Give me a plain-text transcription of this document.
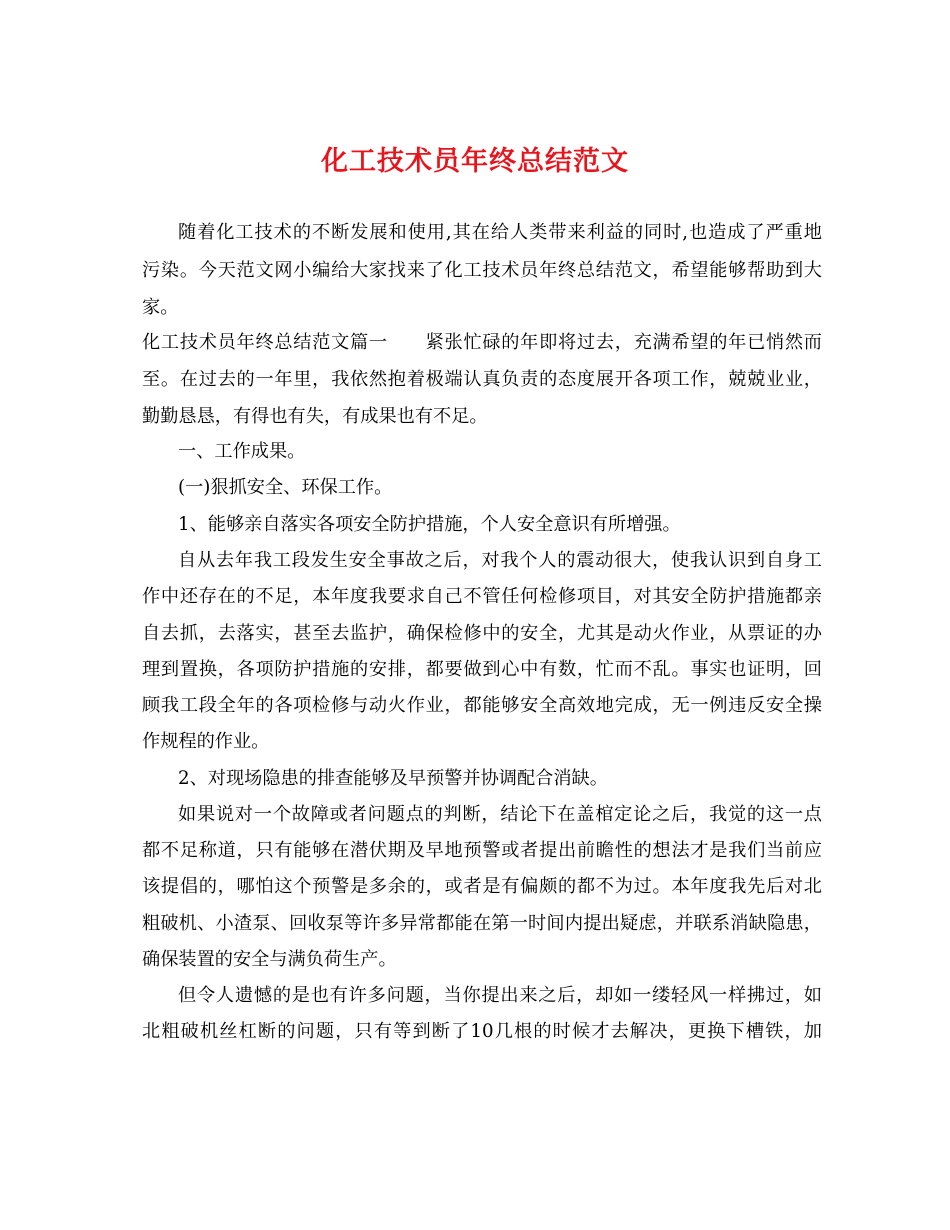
化工技术员年终总结范文
随着化工技术的不断发展和使用,其在给人类带来利益的同时,也造成了严重地
污染。今天范文网小编给大家找来了化工技术员年终总结范文，希望能够帮助到大
家。
化工技术员年终总结范文篇一　　紧张忙碌的年即将过去，充满希望的年已悄然而
至。在过去的一年里，我依然抱着极端认真负责的态度展开各项工作，兢兢业业，
勤勤恳恳，有得也有失，有成果也有不足。
一、工作成果。
(一)狠抓安全、环保工作。
1、能够亲自落实各项安全防护措施，个人安全意识有所增强。
自从去年我工段发生安全事故之后，对我个人的震动很大，使我认识到自身工
作中还存在的不足，本年度我要求自己不管任何检修项目，对其安全防护措施都亲
自去抓，去落实，甚至去监护，确保检修中的安全，尤其是动火作业，从票证的办
理到置换，各项防护措施的安排，都要做到心中有数，忙而不乱。事实也证明，回
顾我工段全年的各项检修与动火作业，都能够安全高效地完成，无一例违反安全操
作规程的作业。
2、对现场隐患的排查能够及早预警并协调配合消缺。
如果说对一个故障或者问题点的判断，结论下在盖棺定论之后，我觉的这一点
都不足称道，只有能够在潜伏期及早地预警或者提出前瞻性的想法才是我们当前应
该提倡的，哪怕这个预警是多余的，或者是有偏颇的都不为过。本年度我先后对北
粗破机、小渣泵、回收泵等许多异常都能在第一时间内提出疑虑，并联系消缺隐患，
确保装置的安全与满负荷生产。
但令人遗憾的是也有许多问题，当你提出来之后，却如一缕轻风一样拂过，如
北粗破机丝杠断的问题，只有等到断了10几根的时候才去解决，更换下槽铁，加
